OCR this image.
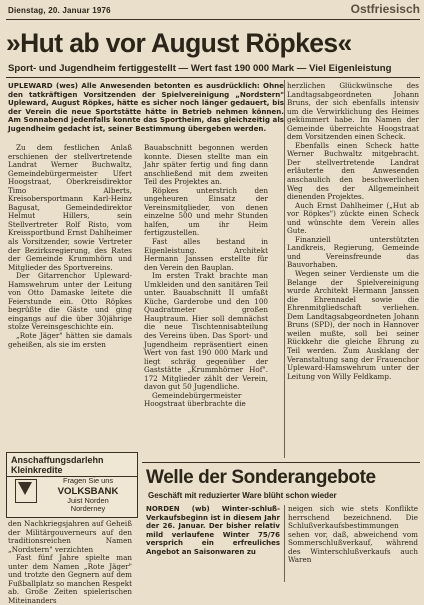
Dienstag, 20. Januar 1976	Ostfriesisch
»Hut ab vor August Röpkes«
Sport- und Jugendheim fertiggestellt — Wert fast 190 000 Mark — Viel Eigenleistung
UPLEWARD (wes) Alle Anwesenden betonten es ausdrücklich: Ohne den tatkräftigen Vorsitzenden der Spielvereinigung „Nordstern" Upleward, August Röpkes, hätte es sicher noch länger gedauert, bis der Verein die neue Sportstätte hätte in Betrieb nehmen können. Am Sonnabend jedenfalls konnte das Sportheim, das gleichzeitig als Jugendheim gedacht ist, seiner Bestimmung übergeben werden.

Zu dem festlichen Anlaß erschienen der stellvertretende Landrat Werner Buchwaltz, Gemeindebürgermeister Ufert Hoogstraat, Oberkreisdirektor Timo Alberts, Kreisobersportmann Karl-Heinz Bagusat, Gemeindedirektor Helmut Hillers, sein Stellvertreter Rolf Risto, vom Kreissportbund Ernst Dahlheimer als Vorsitzender, sowie Vertreter der Bezirksregierung, des Rates der Gemeinde Krummhörn und Mitglieder des Sportvereins.

Der Gitarrenchor Upleward-Hamswehrum unter der Leitung von Otto Damaske leitete die Feierstunde ein. Otto Röpkes begrüßte die Gäste und ging eingangs auf die über 30jährige stolze Vereinsgeschichte ein.

„Rote Jäger" hätten sie damals geheißen, als sie im ersten

Bauabschnitt begonnen werden konnte. Diesen stellte man ein Jahr später fertig und fing dann anschließend mit dem zweiten Teil des Projektes an.

Röpkes unterstrich den ungeheuren Einsatz der Vereinsmitglieder, von denen einzelne 500 und mehr Stunden halfen, um ihr Heim fertigzustellen.

Fast alles bestand in Eigenleistung. Architekt Hermann Janssen erstellte für den Verein den Bauplan.

Im ersten Trakt brachte man Umkleiden und den sanitären Teil unter. Bauabschnitt II umfaßt Küche, Garderobe und den 100 Quadratmeter großen Hauptraum. Hier soll demnächst die neue Tischtennisabteilung des Vereins üben. Das Sport- und Jugendheim repräsentiert einen Wert von fast 190 000 Mark und liegt schräg gegenüber der Gaststätte „Krummhörner Hof". 172 Mitglieder zählt der Verein, davon gut 50 Jugendliche.

Gemeindebürgermeister Hoogstraat überbrachte die

herzlichen Glückwünsche des Landtagsabgeordneten Johann Bruns, der sich ebenfalls intensiv um die Verwirklichung des Heimes gekümmert habe. Im Namen der Gemeinde überreichte Hoogstraat dem Vorsitzenden einen Scheck.

Ebenfalls einen Scheck hatte Werner Buchwaltz mitgebracht. Der stellvertretende Landrat erläuterte den Anwesenden anschaulich den beschwerlichen Weg des der Allgemeinheit dienenden Projektes.

Auch Ernst Dahlheimer („Hut ab vor Röpkes") zückte einen Scheck und wünschte dem Verein alles Gute.

Finanziell unterstützten Landkreis, Regierung, Gemeinde und Vereinsfreunde das Bauvorhaben.

Wegen seiner Verdienste um die Belange der Spielvereinigung wurde Architekt Hermann Janssen die Ehrennadel sowie die Ehrenmitgliedschaft verliehen. Dem Landtagsabgeordneten Johann Bruns (SPD), der noch in Hannover weilen mußte, soll bei seiner Rückkehr die gleiche Ehrung zu Teil werden. Zum Ausklang der Veranstaltung sang der Frauenchor Upleward-Hamswehrum unter der Leitung von Willy Feldkamp.

Anschaffungsdarlehn
Kleinkredite
Fragen Sie uns
VOLKSBANK
Juist Norden
Norderney

den Nachkriegsjahren auf Geheiß der Militärgouverneurs auf den traditionsreichen Namen „Nordstern" verzichten

Fast fünf Jahre spielte man unter dem Namen „Rote Jäger" und trotzte den Gegnern auf dem Fußballplatz so manchen Respekt ab. Große Zeiten spielerischen Miteinanders

Welle der Sonderangebote
Geschäft mit reduzierter Ware blüht schon wieder

NORDEN (wb) Winter-schluß-Verkaufsbeginn ist in diesem Jahr der 26. Januar. Der bisher relativ mild verlaufene Winter 75/76 versprich ein erfreuliches Angebot an Saisonwaren zu

neigen sich wie stets Konflikte herrschend bezeichnend. Die Schlußverkaufsbestimmungen sehen vor, daß, abweichend vom Sommerschlußverkauf, während des Winterschlußverkaufs auch Waren
